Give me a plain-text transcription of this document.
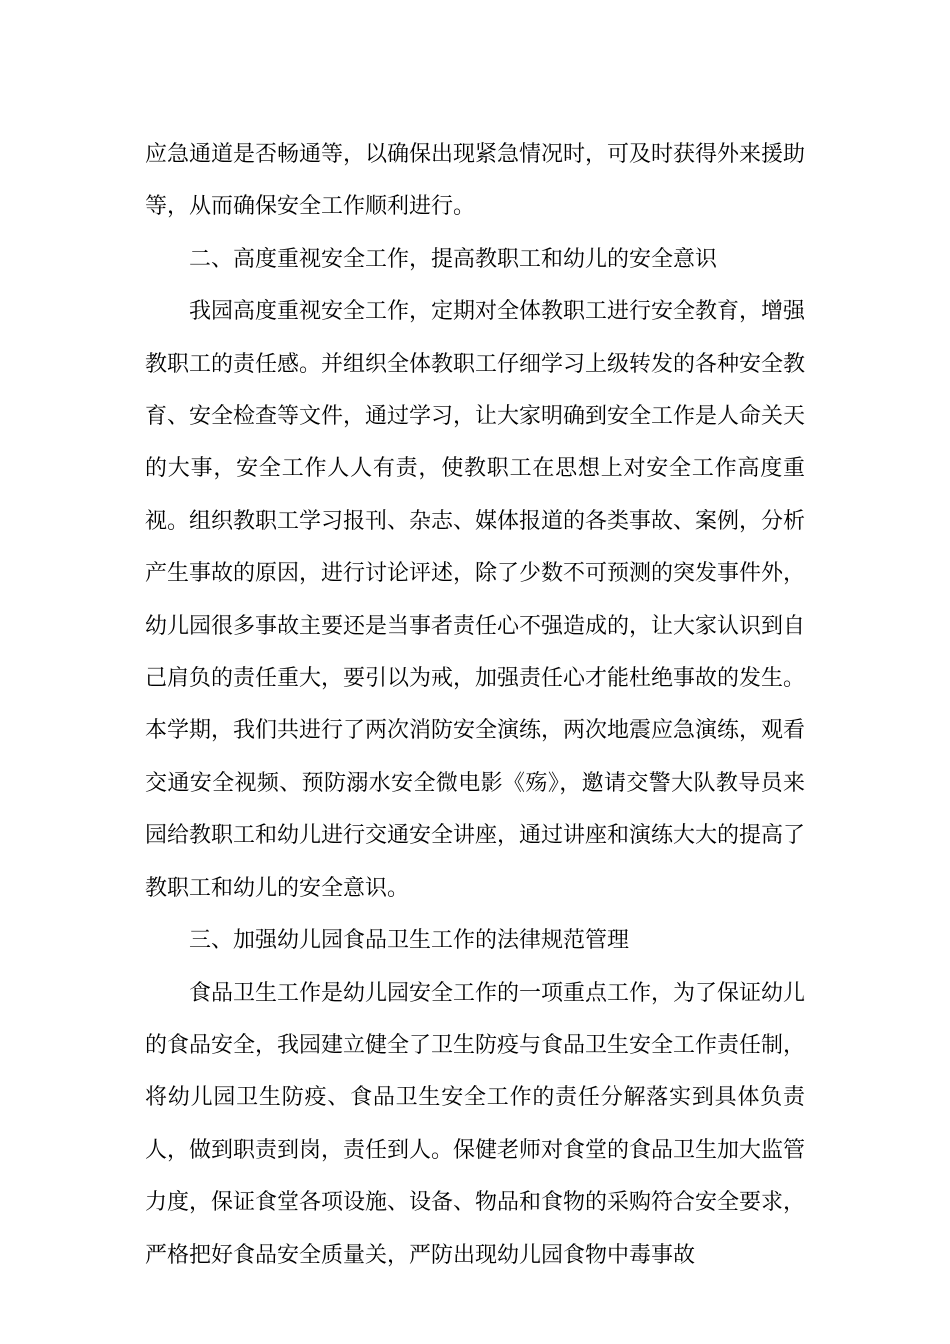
应急通道是否畅通等，以确保出现紧急情况时，可及时获得外来援助等，从而确保安全工作顺利进行。

二、高度重视安全工作，提高教职工和幼儿的安全意识

我园高度重视安全工作，定期对全体教职工进行安全教育，增强教职工的责任感。并组织全体教职工仔细学习上级转发的各种安全教育、安全检查等文件，通过学习，让大家明确到安全工作是人命关天的大事，安全工作人人有责，使教职工在思想上对安全工作高度重视。组织教职工学习报刊、杂志、媒体报道的各类事故、案例，分析产生事故的原因，进行讨论评述，除了少数不可预测的突发事件外，幼儿园很多事故主要还是当事者责任心不强造成的，让大家认识到自己肩负的责任重大，要引以为戒，加强责任心才能杜绝事故的发生。本学期，我们共进行了两次消防安全演练，两次地震应急演练，观看交通安全视频、预防溺水安全微电影《殇》，邀请交警大队教导员来园给教职工和幼儿进行交通安全讲座，通过讲座和演练大大的提高了教职工和幼儿的安全意识。

三、加强幼儿园食品卫生工作的法律规范管理

食品卫生工作是幼儿园安全工作的一项重点工作，为了保证幼儿的食品安全，我园建立健全了卫生防疫与食品卫生安全工作责任制，将幼儿园卫生防疫、食品卫生安全工作的责任分解落实到具体负责人，做到职责到岗，责任到人。保健老师对食堂的食品卫生加大监管力度，保证食堂各项设施、设备、物品和食物的采购符合安全要求，严格把好食品安全质量关，严防出现幼儿园食物中毒事故
